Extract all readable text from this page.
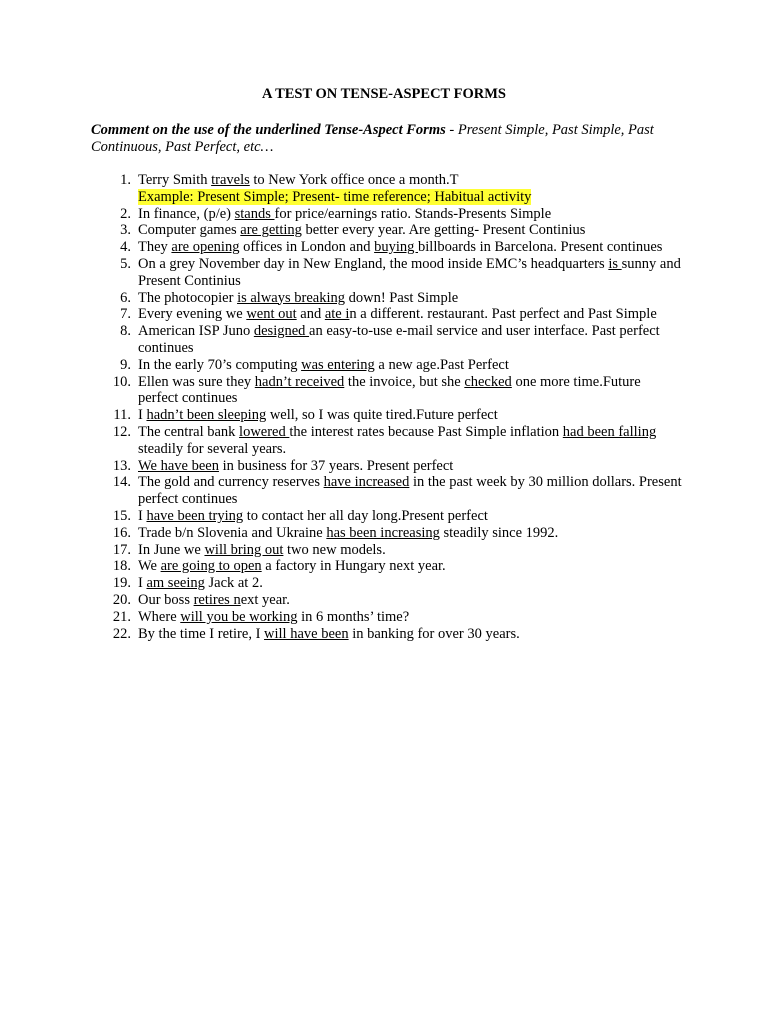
A TEST ON TENSE-ASPECT FORMS

Comment on the use of the underlined Tense-Aspect Forms - Present Simple, Past Simple, Past Continuous, Past Perfect, etc…

1. Terry Smith travels to New York office once a month.T
Example: Present Simple; Present- time reference; Habitual activity
2. In finance, (p/e) stands for price/earnings ratio. Stands-Presents Simple
3. Computer games are getting better every year. Are getting- Present Continius
4. They are opening offices in London and buying billboards in Barcelona. Present continues
5. On a grey November day in New England, the mood inside EMC’s headquarters is sunny and Present Continius
6. The photocopier is always breaking down! Past Simple
7. Every evening we went out and ate in a different. restaurant. Past perfect and Past Simple
8. American ISP Juno designed an easy-to-use e-mail service and user interface. Past perfect continues
9. In the early 70’s computing was entering a new age.Past Perfect
10. Ellen was sure they hadn’t received the invoice, but she checked one more time.Future perfect continues
11. I hadn’t been sleeping well, so I was quite tired.Future perfect
12. The central bank lowered the interest rates because Past Simple inflation had been falling steadily for several years.
13. We have been in business for 37 years. Present perfect
14. The gold and currency reserves have increased in the past week by 30 million dollars. Present perfect continues
15. I have been trying to contact her all day long.Present perfect
16. Trade b/n Slovenia and Ukraine has been increasing steadily since 1992.
17. In June we will bring out two new models.
18. We are going to open a factory in Hungary next year.
19. I am seeing Jack at 2.
20. Our boss retires next year.
21. Where will you be working in 6 months’ time?
22. By the time I retire, I will have been in banking for over 30 years.
